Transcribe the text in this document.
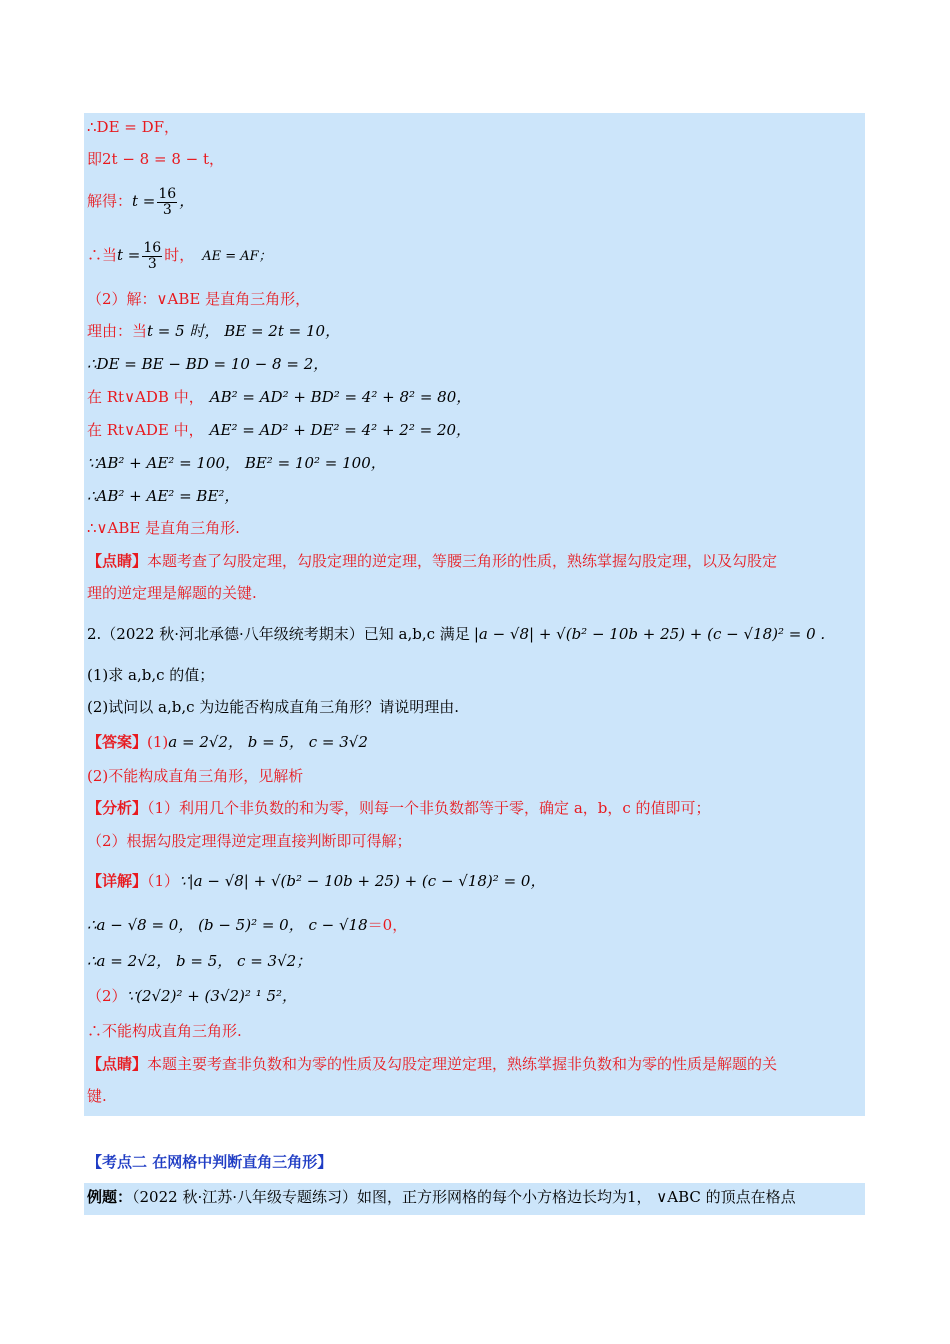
∴DE = DF，
即2t − 8 = 8 − t，
解得：$t = \frac{16}{3}$ ，
∴当$t = \frac{16}{3}$ 时， AE = AF；
（2）解：∨ABE 是直角三角形，
理由：当t = 5 时， BE = 2t = 10，
∴DE = BE − BD = 10 − 8 = 2，
在 Rt∨ADB 中， AB² = AD² + BD² = 4² + 8² = 80，
在 Rt∨ADE 中， AE² = AD² + DE² = 4² + 2² = 20，
∵AB² + AE² = 100， BE² = 10² = 100，
∴AB² + AE² = BE²，
∴∨ABE 是直角三角形.
【点睛】本题考查了勾股定理，勾股定理的逆定理，等腰三角形的性质，熟练掌握勾股定理，以及勾股定
理的逆定理是解题的关键.
2.（2022 秋·河北承德·八年级统考期末）已知 a,b,c 满足 |a − √8| + √(b² − 10b + 25) + (c − √18)² = 0 .
(1)求 a,b,c 的值；
(2)试问以 a,b,c 为边能否构成直角三角形？请说明理由.
【答案】(1)a = 2√2， b = 5， c = 3√2
(2)不能构成直角三角形，见解析
【分析】（1）利用几个非负数的和为零，则每一个非负数都等于零，确定 a，b，c 的值即可；
（2）根据勾股定理得逆定理直接判断即可得解；
【详解】（1）∵|a − √8| + √(b² − 10b + 25) + (c − √18)² = 0，
∴a − √8 = 0， (b − 5)² = 0， c − √18＝0，
∴a = 2√2， b = 5， c = 3√2；
（2）∵(2√2)² + (3√2)² ¹ 5²，
∴不能构成直角三角形.
【点睛】本题主要考查非负数和为零的性质及勾股定理逆定理，熟练掌握非负数和为零的性质是解题的关
键.
【考点二 在网格中判断直角三角形】
例题：（2022 秋·江苏·八年级专题练习）如图，正方形网格的每个小方格边长均为1， ∨ABC 的顶点在格点
